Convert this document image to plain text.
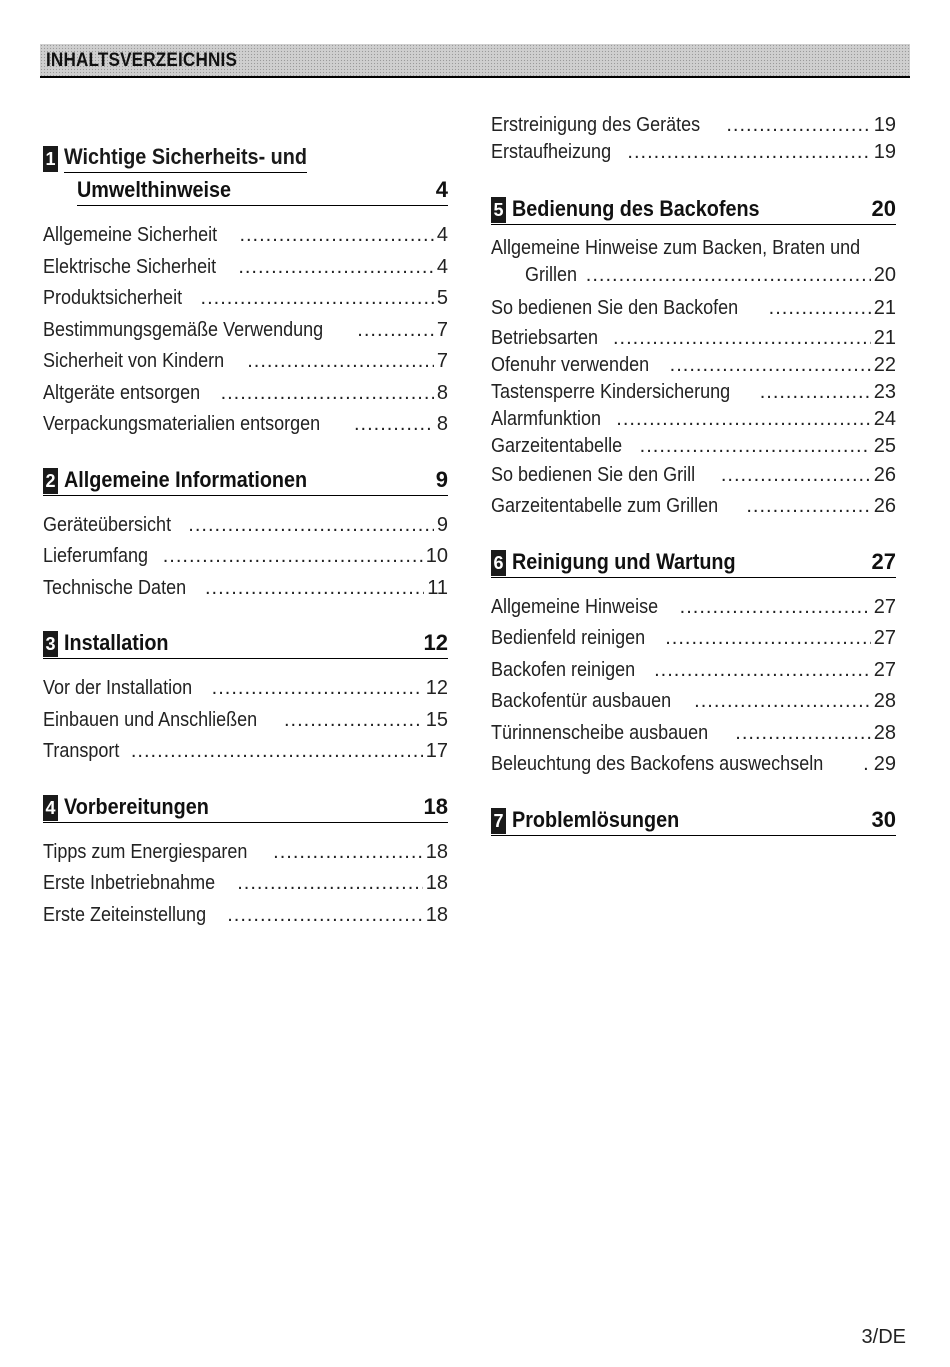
INHALTSVERZEICHNIS
1 Wichtige Sicherheits- und
Umwelthinweise	4
Allgemeine Sicherheit .....	4
Elektrische Sicherheit .....	4
Produktsicherheit .....	5
Bestimmungsgemäße Verwendung .....	7
Sicherheit von Kindern .....	7
Altgeräte entsorgen .....	8
Verpackungsmaterialien entsorgen .....	8
2 Allgemeine Informationen	9
Geräteübersicht .....	9
Lieferumfang .....	10
Technische Daten .....	11
3 Installation	12
Vor der Installation .....	12
Einbauen und Anschließen .....	15
Transport .....	17
4 Vorbereitungen	18
Tipps zum Energiesparen .....	18
Erste Inbetriebnahme .....	18
Erste Zeiteinstellung .....	18
Erstreinigung des Gerätes .....	19
Erstaufheizung .....	19
5 Bedienung des Backofens	20
Allgemeine Hinweise zum Backen, Braten und
Grillen .....	20
So bedienen Sie den Backofen .....	21
Betriebsarten .....	21
Ofenuhr verwenden .....	22
Tastensperre Kindersicherung .....	23
Alarmfunktion .....	24
Garzeitentabelle .....	25
So bedienen Sie den Grill .....	26
Garzeitentabelle zum Grillen .....	26
6 Reinigung und Wartung	27
Allgemeine Hinweise .....	27
Bedienfeld reinigen .....	27
Backofen reinigen .....	27
Backofentür ausbauen .....	28
Türinnenscheibe ausbauen .....	28
Beleuchtung des Backofens auswechseln .....	29
7 Problemlösungen	30
3/DE
